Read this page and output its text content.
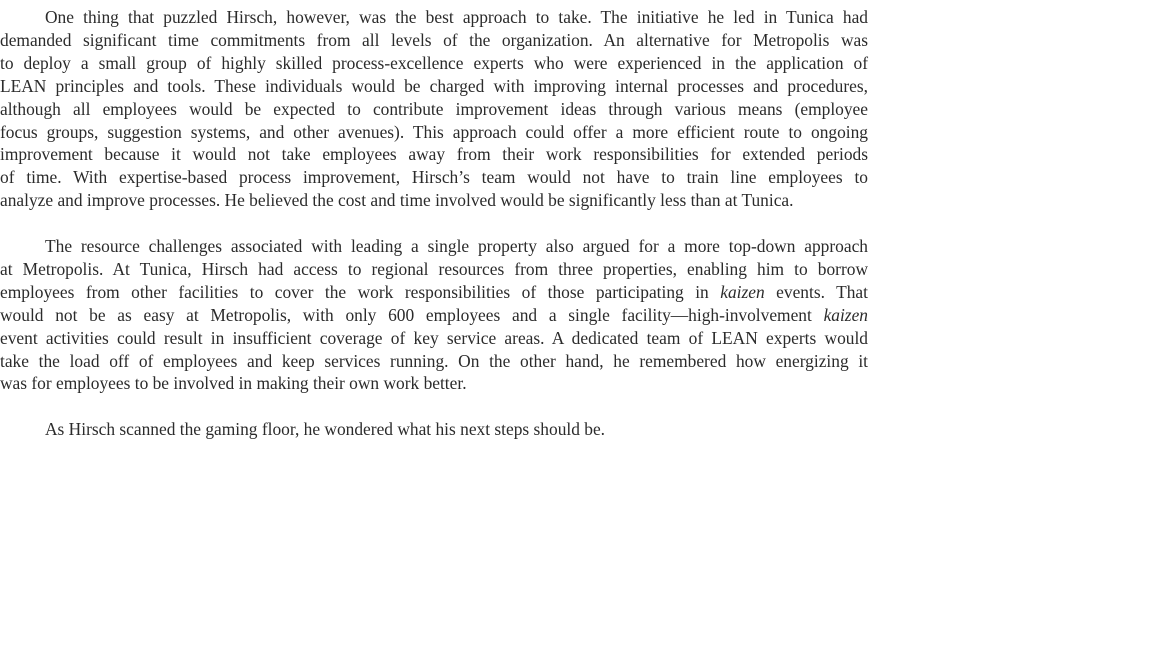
One thing that puzzled Hirsch, however, was the best approach to take. The initiative he led in Tunica had
demanded significant time commitments from all levels of the organization. An alternative for Metropolis was
to deploy a small group of highly skilled process-excellence experts who were experienced in the application of
LEAN principles and tools. These individuals would be charged with improving internal processes and procedures,
although all employees would be expected to contribute improvement ideas through various means (employee
focus groups, suggestion systems, and other avenues). This approach could offer a more efficient route to ongoing
improvement because it would not take employees away from their work responsibilities for extended periods
of time. With expertise-based process improvement, Hirsch’s team would not have to train line employees to
analyze and improve processes. He believed the cost and time involved would be significantly less than at Tunica.

The resource challenges associated with leading a single property also argued for a more top-down approach
at Metropolis. At Tunica, Hirsch had access to regional resources from three properties, enabling him to borrow
employees from other facilities to cover the work responsibilities of those participating in kaizen events. That
would not be as easy at Metropolis, with only 600 employees and a single facility—high-involvement kaizen
event activities could result in insufficient coverage of key service areas. A dedicated team of LEAN experts would
take the load off of employees and keep services running. On the other hand, he remembered how energizing it
was for employees to be involved in making their own work better.

As Hirsch scanned the gaming floor, he wondered what his next steps should be.
